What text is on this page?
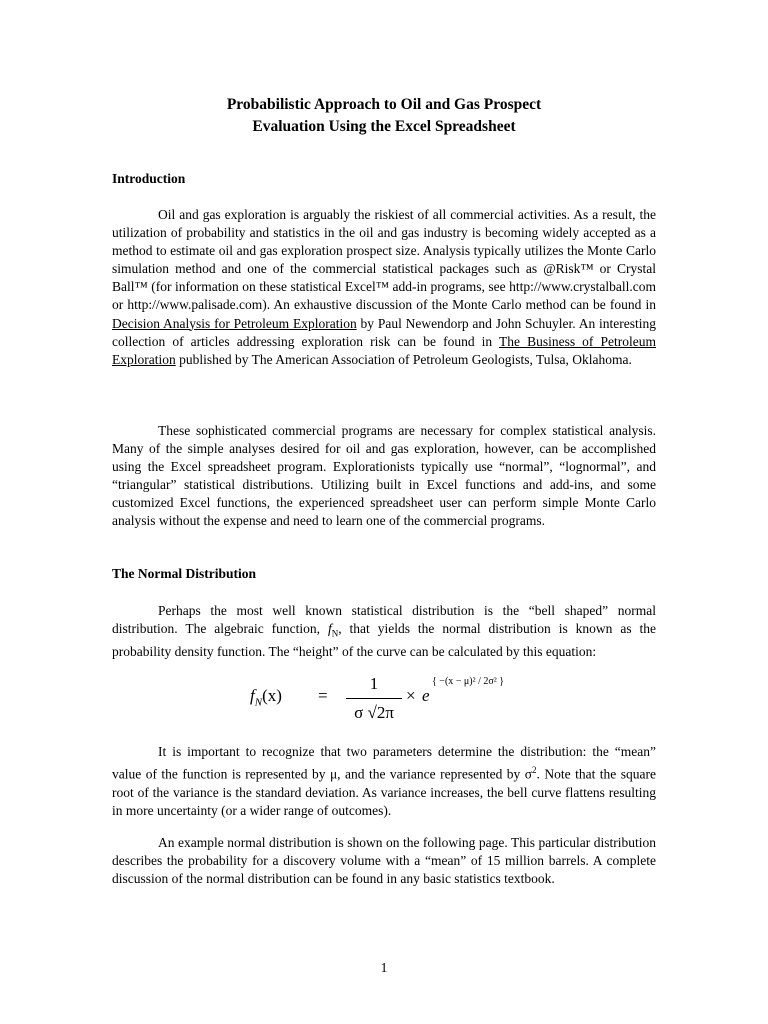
Probabilistic Approach to Oil and Gas Prospect
Evaluation Using the Excel Spreadsheet
Introduction

Oil and gas exploration is arguably the riskiest of all commercial activities. As a result, the utilization of probability and statistics in the oil and gas industry is becoming widely accepted as a method to estimate oil and gas exploration prospect size. Analysis typically utilizes the Monte Carlo simulation method and one of the commercial statistical packages such as @Risk™ or Crystal Ball™ (for information on these statistical Excel™ add-in programs, see http://www.crystalball.com or http://www.palisade.com). An exhaustive discussion of the Monte Carlo method can be found in Decision Analysis for Petroleum Exploration by Paul Newendorp and John Schuyler. An interesting collection of articles addressing exploration risk can be found in The Business of Petroleum Exploration published by The American Association of Petroleum Geologists, Tulsa, Oklahoma.

These sophisticated commercial programs are necessary for complex statistical analysis. Many of the simple analyses desired for oil and gas exploration, however, can be accomplished using the Excel spreadsheet program. Explorationists typically use “normal”, “lognormal”, and “triangular” statistical distributions. Utilizing built in Excel functions and add-ins, and some customized Excel functions, the experienced spreadsheet user can perform simple Monte Carlo analysis without the expense and need to learn one of the commercial programs.

The Normal Distribution

Perhaps the most well known statistical distribution is the “bell shaped” normal distribution. The algebraic function, $f_N$, that yields the normal distribution is known as the probability density function. The “height” of the curve can be calculated by this equation:

$f_N(x)$ =
1
σ √2π
× e
{ −(x − μ)² / 2σ² }

It is important to recognize that two parameters determine the distribution: the “mean” value of the function is represented by μ, and the variance represented by $\sigma^2$. Note that the square root of the variance is the standard deviation. As variance increases, the bell curve flattens resulting in more uncertainty (or a wider range of outcomes).

An example normal distribution is shown on the following page. This particular distribution describes the probability for a discovery volume with a “mean” of 15 million barrels. A complete discussion of the normal distribution can be found in any basic statistics textbook.

1
